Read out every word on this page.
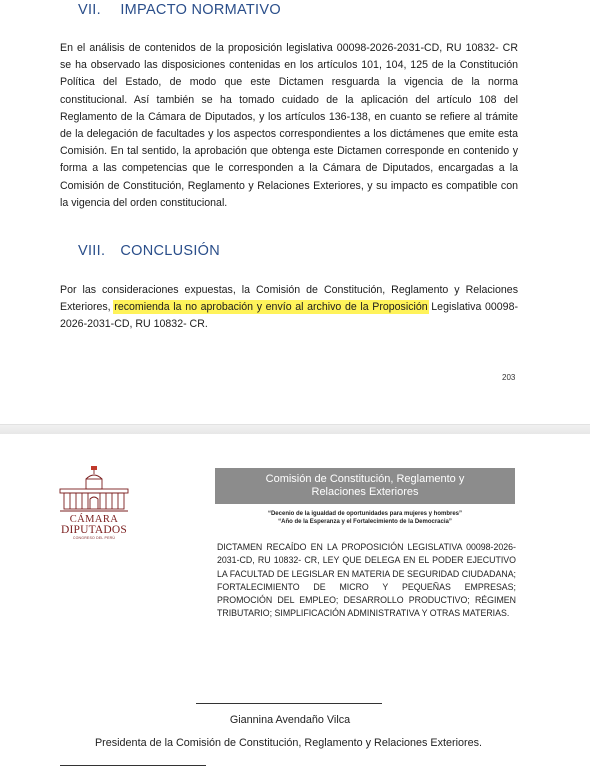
VII. IMPACTO NORMATIVO

En el análisis de contenidos de la proposición legislativa 00098-2026-2031-CD, RU 10832- CR se ha observado las disposiciones contenidas en los artículos 101, 104, 125 de la Constitución Política del Estado, de modo que este Dictamen resguarda la vigencia de la norma constitucional. Así también se ha tomado cuidado de la aplicación del artículo 108 del Reglamento de la Cámara de Diputados, y los artículos 136-138, en cuanto se refiere al trámite de la delegación de facultades y los aspectos correspondientes a los dictámenes que emite esta Comisión. En tal sentido, la aprobación que obtenga este Dictamen corresponde en contenido y forma a las competencias que le corresponden a la Cámara de Diputados, encargadas a la Comisión de Constitución, Reglamento y Relaciones Exteriores, y su impacto es compatible con la vigencia del orden constitucional.

VIII. CONCLUSIÓN

Por las consideraciones expuestas, la Comisión de Constitución, Reglamento y Relaciones Exteriores, recomienda la no aprobación y envío al archivo de la Proposición Legislativa 00098-2026-2031-CD, RU 10832- CR.

203
CÁMARA
DIPUTADOS
CONGRESO DEL PERÚ
Comisión de Constitución, Reglamento y Relaciones Exteriores
“Decenio de la igualdad de oportunidades para mujeres y hombres”
“Año de la Esperanza y el Fortalecimiento de la Democracia”
DICTAMEN RECAÍDO EN LA PROPOSICIÓN LEGISLATIVA 00098-2026-2031-CD, RU 10832- CR, LEY QUE DELEGA EN EL PODER EJECUTIVO LA FACULTAD DE LEGISLAR EN MATERIA DE SEGURIDAD CIUDADANA; FORTALECIMIENTO DE MICRO Y PEQUEÑAS EMPRESAS; PROMOCIÓN DEL EMPLEO; DESARROLLO PRODUCTIVO; RÉGIMEN TRIBUTARIO; SIMPLIFICACIÓN ADMINISTRATIVA Y OTRAS MATERIAS.
Giannina Avendaño Vilca
Presidenta de la Comisión de Constitución, Reglamento y Relaciones Exteriores.
